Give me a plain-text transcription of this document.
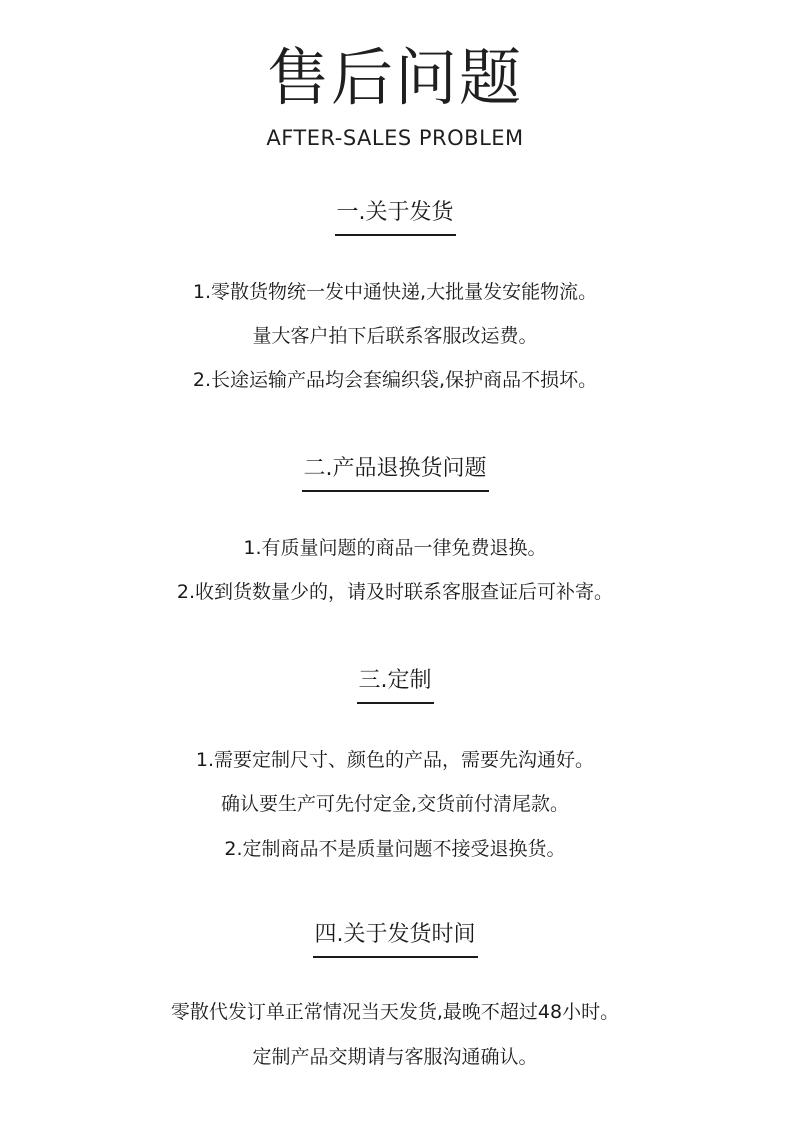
售后问题
AFTER-SALES PROBLEM
一.关于发货
1.零散货物统一发中通快递,大批量发安能物流。
量大客户拍下后联系客服改运费。
2.长途运输产品均会套编织袋,保护商品不损坏。
二.产品退换货问题
1.有质量问题的商品一律免费退换。
2.收到货数量少的，请及时联系客服查证后可补寄。
三.定制
1.需要定制尺寸、颜色的产品，需要先沟通好。
确认要生产可先付定金,交货前付清尾款。
2.定制商品不是质量问题不接受退换货。
四.关于发货时间
零散代发订单正常情况当天发货,最晚不超过48小时。
定制产品交期请与客服沟通确认。
